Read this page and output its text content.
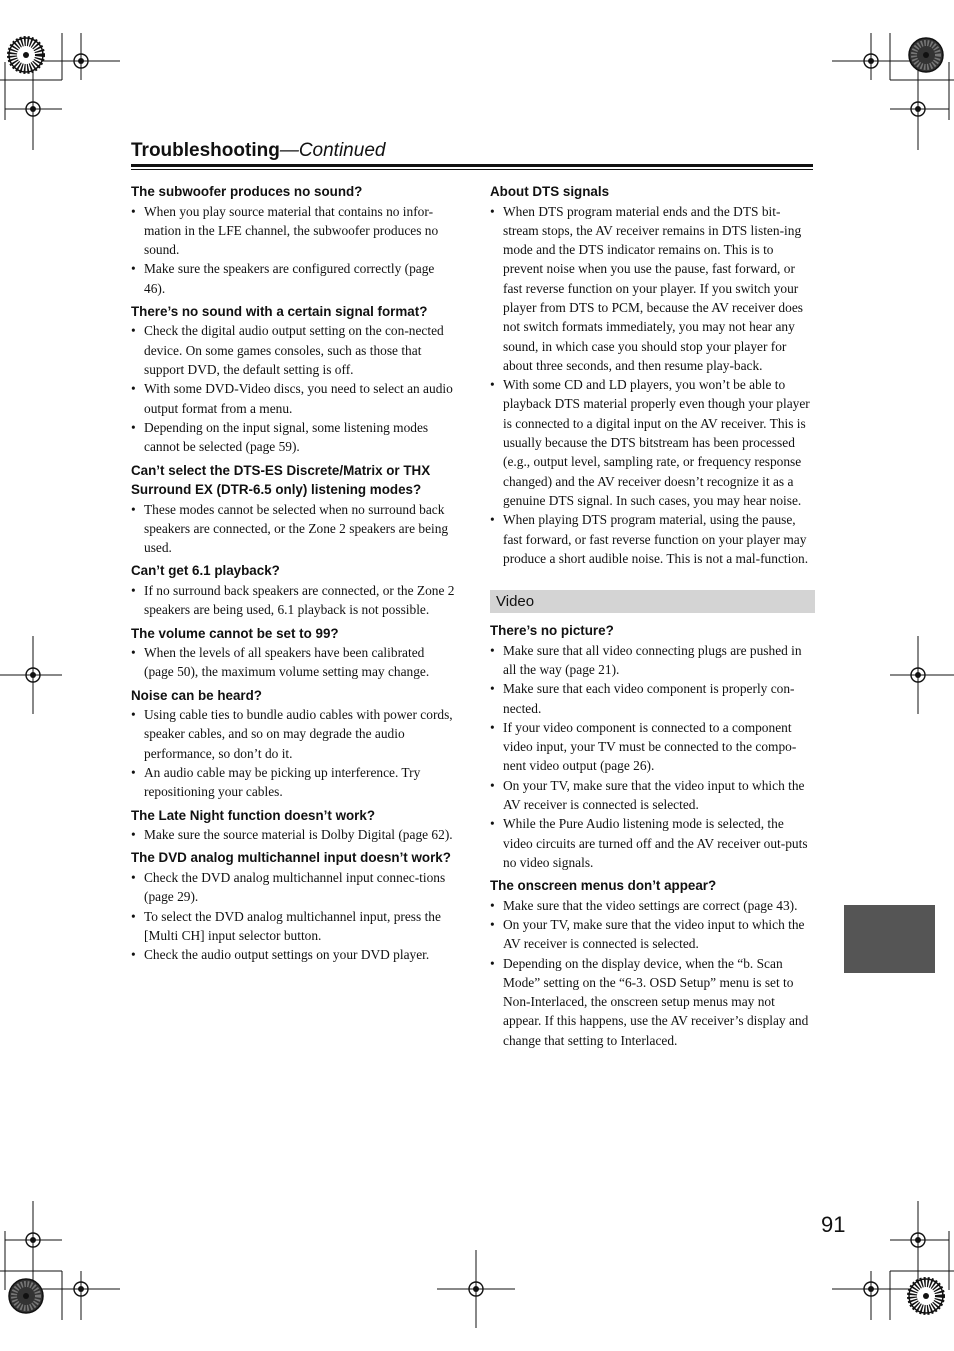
Troubleshooting—Continued
The subwoofer produces no sound?
• When you play source material that contains no infor-mation in the LFE channel, the subwoofer produces no sound.
• Make sure the speakers are configured correctly (page 46).
There’s no sound with a certain signal format?
• Check the digital audio output setting on the con-nected device. On some games consoles, such as those that support DVD, the default setting is off.
• With some DVD-Video discs, you need to select an audio output format from a menu.
• Depending on the input signal, some listening modes cannot be selected (page 59).
Can’t select the DTS-ES Discrete/Matrix or THX Surround EX (DTR-6.5 only) listening modes?
• These modes cannot be selected when no surround back speakers are connected, or the Zone 2 speakers are being used.
Can’t get 6.1 playback?
• If no surround back speakers are connected, or the Zone 2 speakers are being used, 6.1 playback is not possible.
The volume cannot be set to 99?
• When the levels of all speakers have been calibrated (page 50), the maximum volume setting may change.
Noise can be heard?
• Using cable ties to bundle audio cables with power cords, speaker cables, and so on may degrade the audio performance, so don’t do it.
• An audio cable may be picking up interference. Try repositioning your cables.
The Late Night function doesn’t work?
• Make sure the source material is Dolby Digital (page 62).
The DVD analog multichannel input doesn’t work?
• Check the DVD analog multichannel input connec-tions (page 29).
• To select the DVD analog multichannel input, press the [Multi CH] input selector button.
• Check the audio output settings on your DVD player.
About DTS signals
• When DTS program material ends and the DTS bit-stream stops, the AV receiver remains in DTS listen-ing mode and the DTS indicator remains on. This is to prevent noise when you use the pause, fast forward, or fast reverse function on your player. If you switch your player from DTS to PCM, because the AV receiver does not switch formats immediately, you may not hear any sound, in which case you should stop your player for about three seconds, and then resume play-back.
• With some CD and LD players, you won’t be able to playback DTS material properly even though your player is connected to a digital input on the AV receiver. This is usually because the DTS bitstream has been processed (e.g., output level, sampling rate, or frequency response changed) and the AV receiver doesn’t recognize it as a genuine DTS signal. In such cases, you may hear noise.
• When playing DTS program material, using the pause, fast forward, or fast reverse function on your player may produce a short audible noise. This is not a mal-function.
Video
There’s no picture?
• Make sure that all video connecting plugs are pushed in all the way (page 21).
• Make sure that each video component is properly con-nected.
• If your video component is connected to a component video input, your TV must be connected to the compo-nent video output (page 26).
• On your TV, make sure that the video input to which the AV receiver is connected is selected.
• While the Pure Audio listening mode is selected, the video circuits are turned off and the AV receiver out-puts no video signals.
The onscreen menus don’t appear?
• Make sure that the video settings are correct (page 43).
• On your TV, make sure that the video input to which the AV receiver is connected is selected.
• Depending on the display device, when the “b. Scan Mode” setting on the “6-3. OSD Setup” menu is set to Non-Interlaced, the onscreen setup menus may not appear. If this happens, use the AV receiver’s display and change that setting to Interlaced.
91
